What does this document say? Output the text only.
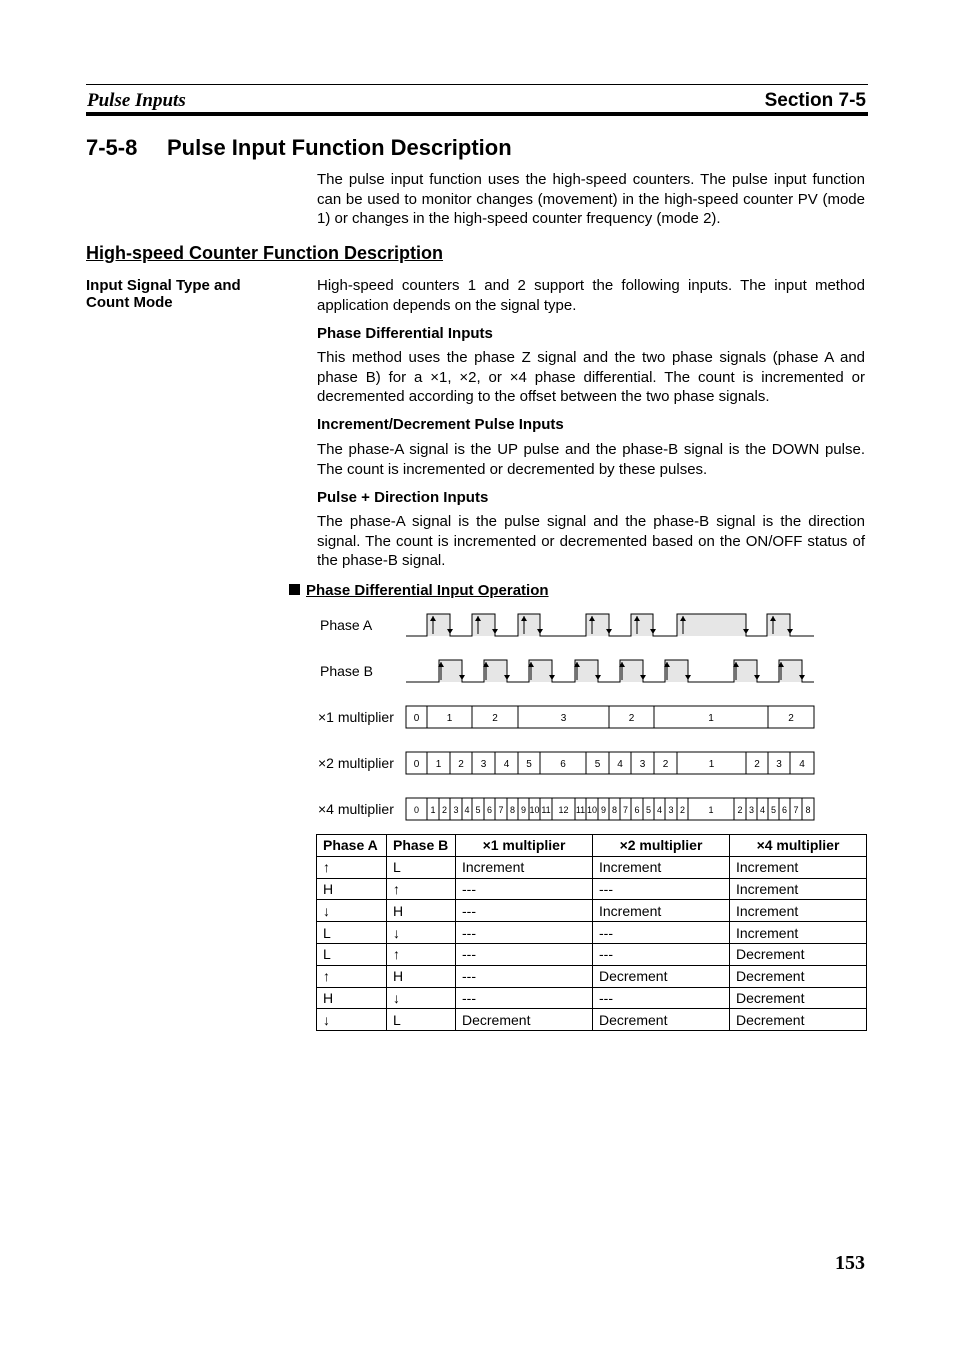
Pulse Inputs	Section 7-5
7-5-8 Pulse Input Function Description
The pulse input function uses the high-speed counters. The pulse input function can be used to monitor changes (movement) in the high-speed counter PV (mode 1) or changes in the high-speed counter frequency (mode 2).
High-speed Counter Function Description
Input Signal Type and Count Mode
High-speed counters 1 and 2 support the following inputs. The input method application depends on the signal type.
Phase Differential Inputs
This method uses the phase Z signal and the two phase signals (phase A and phase B) for a ×1, ×2, or ×4 phase differential. The count is incremented or decremented according to the offset between the two phase signals.
Increment/Decrement Pulse Inputs
The phase-A signal is the UP pulse and the phase-B signal is the DOWN pulse. The count is incremented or decremented by these pulses.
Pulse + Direction Inputs
The phase-A signal is the pulse signal and the phase-B signal is the direction signal. The count is incremented or decremented based on the ON/OFF status of the phase-B signal.
Phase Differential Input Operation
Phase A
Phase B
×1 multiplier
×2 multiplier
×4 multiplier
0	1	2	3	2	1	2
0 1 2 3 4 5	6	5 4 3 2	1	2 3 4
0 1 2 3 4 5 6 7 8 9 10 11 12 11 10 9 8 7 6 5 4 3 2	1	2 3 4 5 6 7 8
Phase A	Phase B	×1 multiplier	×2 multiplier	×4 multiplier
↑	L	Increment	Increment	Increment
H	↑	---	---	Increment
↓	H	---	Increment	Increment
L	↓	---	---	Increment
L	↑	---	---	Decrement
↑	H	---	Decrement	Decrement
H	↓	---	---	Decrement
↓	L	Decrement	Decrement	Decrement
153
